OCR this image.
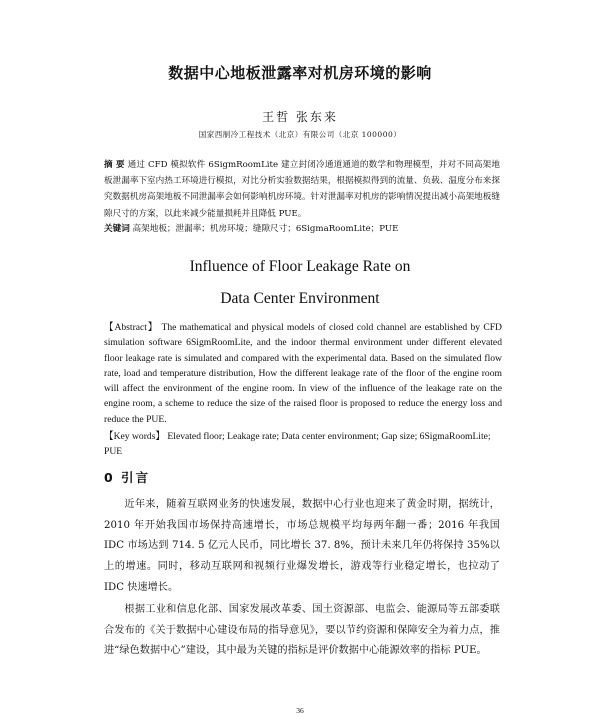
数据中心地板泄露率对机房环境的影响
王哲 张东来
国家西制冷工程技术（北京）有限公司（北京 100000）
摘 要 通过 CFD 模拟软件 6SigmRoomLite 建立封闭冷通道通道的数学和物理模型，并对不同高架地板泄漏率下室内热工环境进行模拟，对比分析实验数据结果，根据模拟得到的流量、负载、温度分布来探究数据机房高架地板不同泄漏率会如何影响机房环境。针对泄漏率对机房的影响情况提出减小高架地板缝隙尺寸的方案，以此来减少能量损耗并且降低 PUE。
关键词 高架地板；泄漏率；机房环境；缝隙尺寸；6SigmaRoomLite；PUE
Influence of Floor Leakage Rate on
Data Center Environment
【Abstract】 The mathematical and physical models of closed cold channel are established by CFD simulation software 6SigmRoomLite, and the indoor thermal environment under different elevated floor leakage rate is simulated and compared with the experimental data. Based on the simulated flow rate, load and temperature distribution, How the different leakage rate of the floor of the engine room will affect the environment of the engine room. In view of the influence of the leakage rate on the engine room, a scheme to reduce the size of the raised floor is proposed to reduce the energy loss and reduce the PUE.
【Key words】 Elevated floor; Leakage rate; Data center environment; Gap size; 6SigmaRoomLite; PUE
0 引言
近年来，随着互联网业务的快速发展，数据中心行业也迎来了黄金时期，据统计，2010 年开始我国市场保持高速增长，市场总规模平均每两年翻一番；2016 年我国 IDC 市场达到 714. 5 亿元人民币，同比增长 37. 8%，预计未来几年仍将保持 35%以上的增速。同时，移动互联网和视频行业爆发增长，游戏等行业稳定增长，也拉动了 IDC 快速增长。
根据工业和信息化部、国家发展改革委、国土资源部、电监会、能源局等五部委联合发布的《关于数据中心建设布局的指导意见》，要以节约资源和保障安全为着力点，推进“绿色数据中心”建设，其中最为关键的指标是评价数据中心能源效率的指标 PUE。
36
